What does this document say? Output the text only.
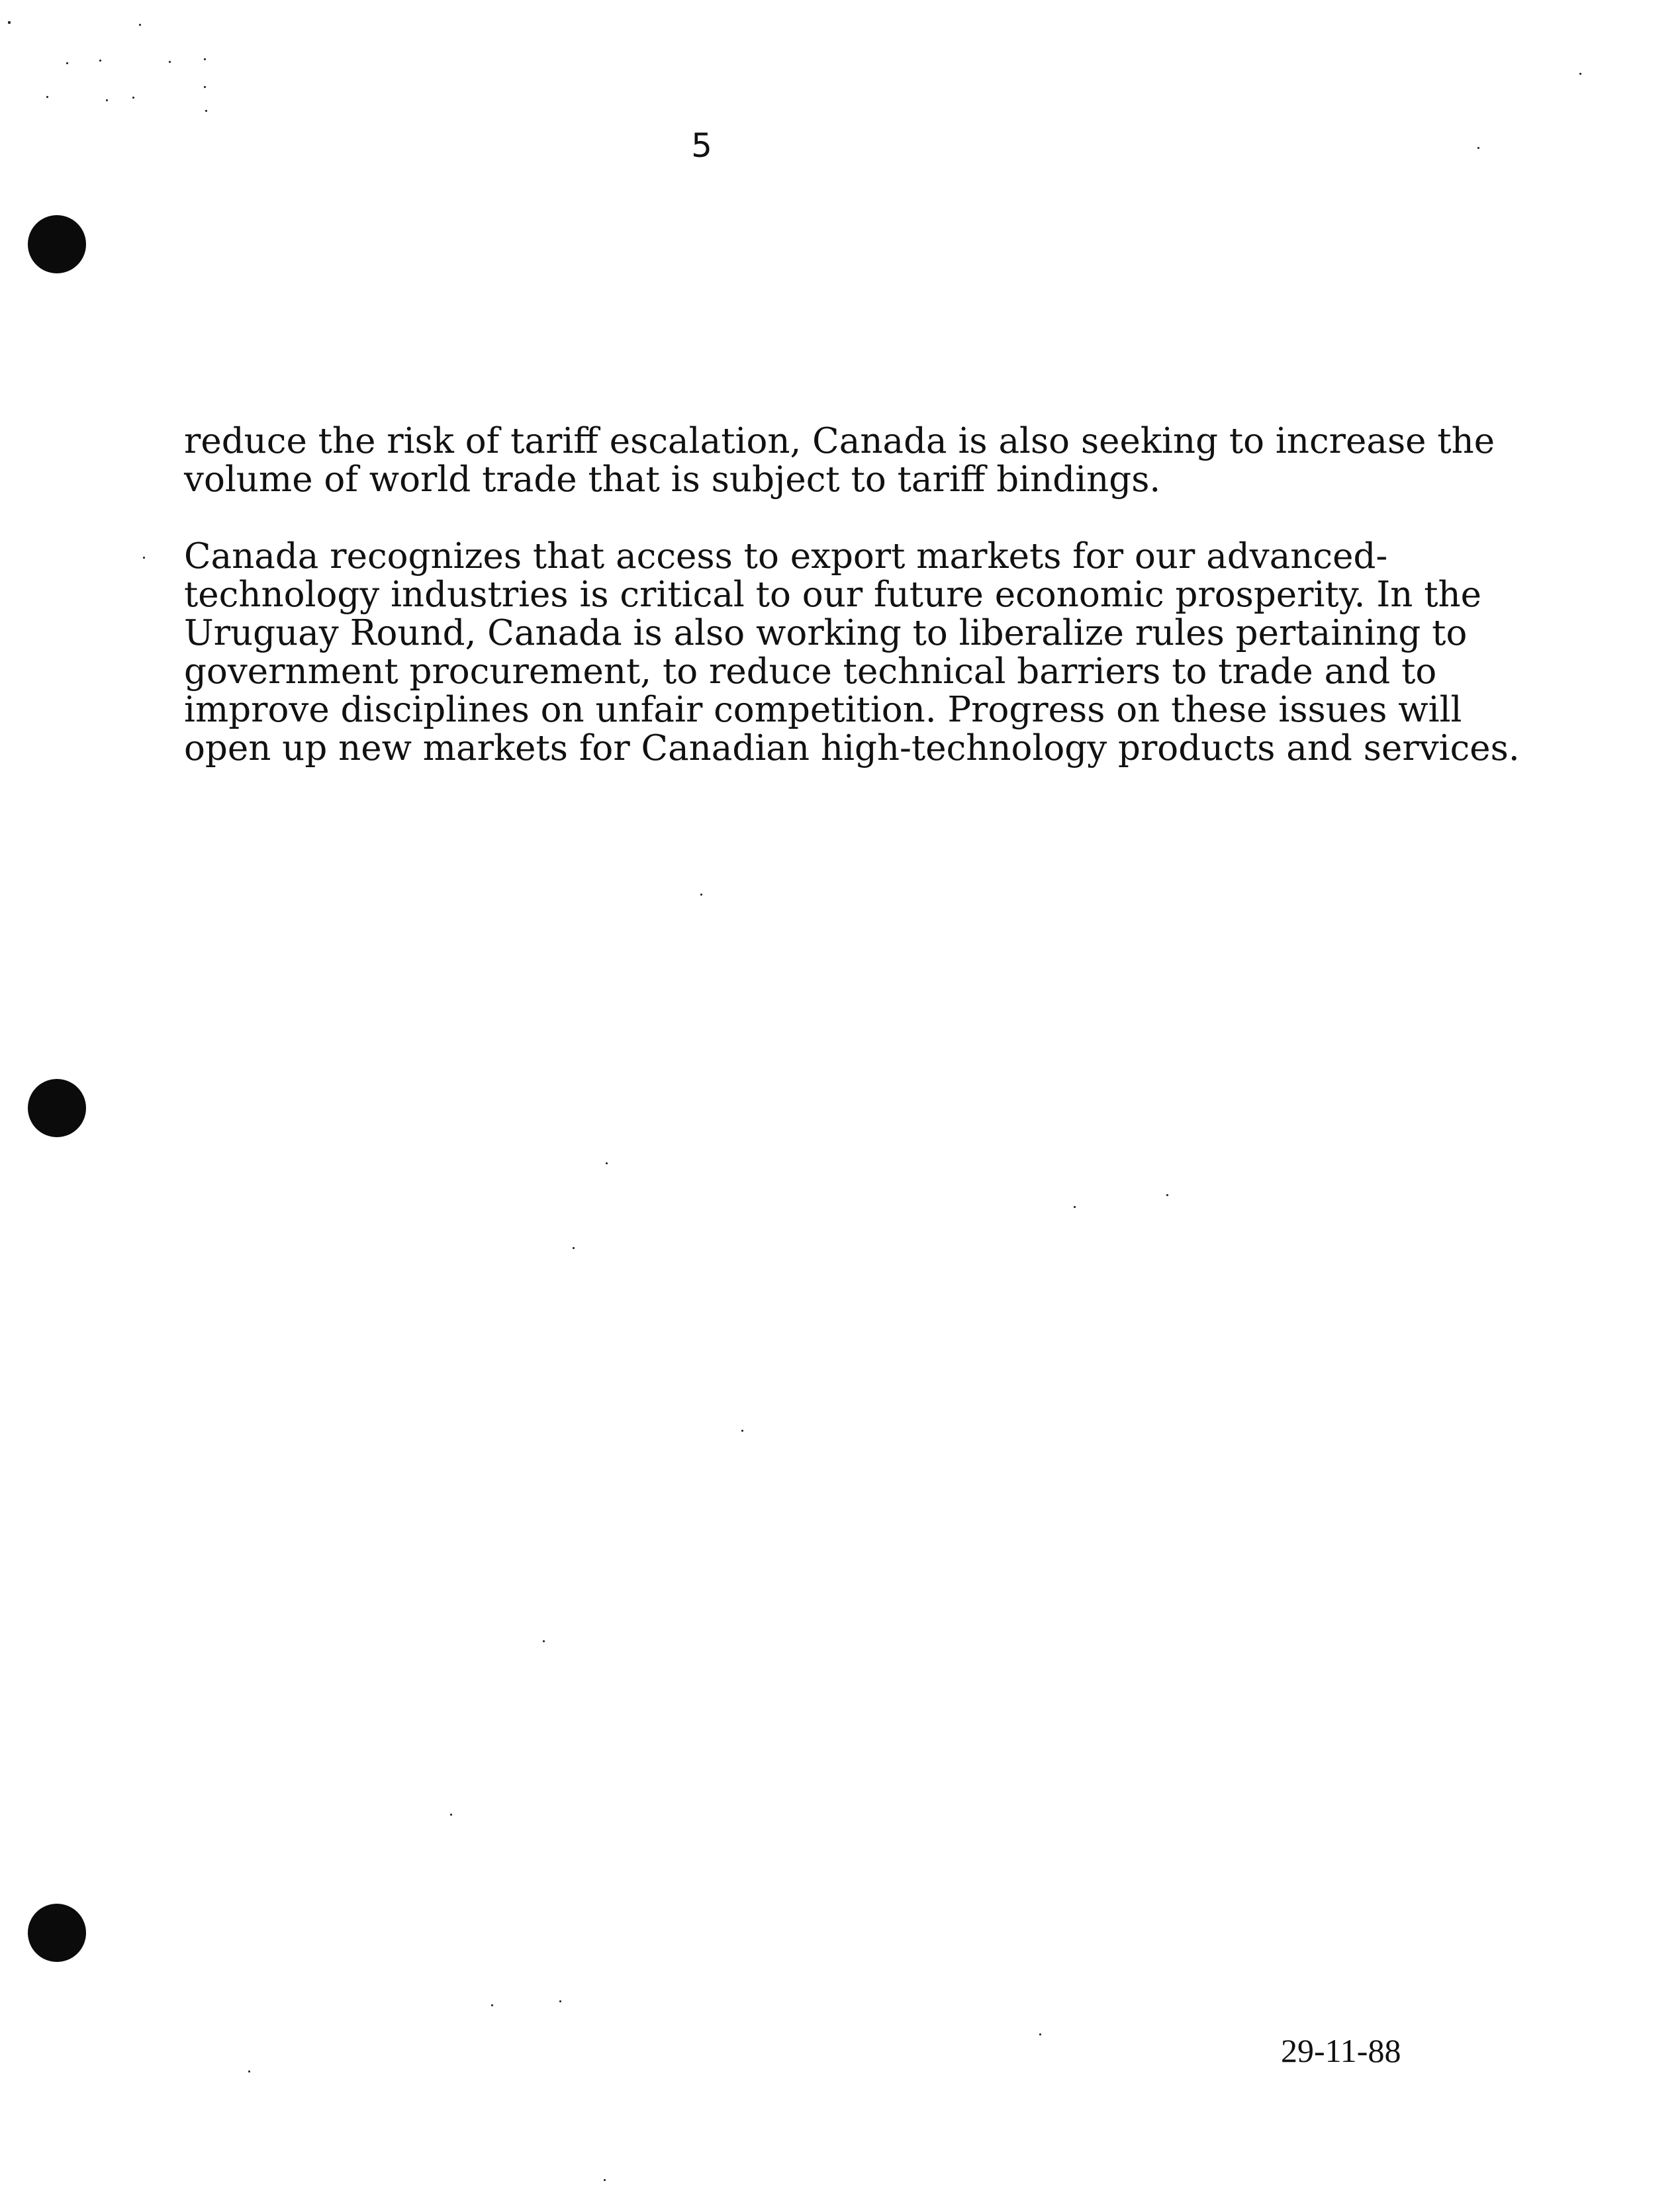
5

reduce the risk of tariff escalation, Canada is also seeking to increase the
volume of world trade that is subject to tariff bindings.

Canada recognizes that access to export markets for our advanced-
technology industries is critical to our future economic prosperity. In the
Uruguay Round, Canada is also working to liberalize rules pertaining to
government procurement, to reduce technical barriers to trade and to
improve disciplines on unfair competition. Progress on these issues will
open up new markets for Canadian high-technology products and services.

29-11-88
